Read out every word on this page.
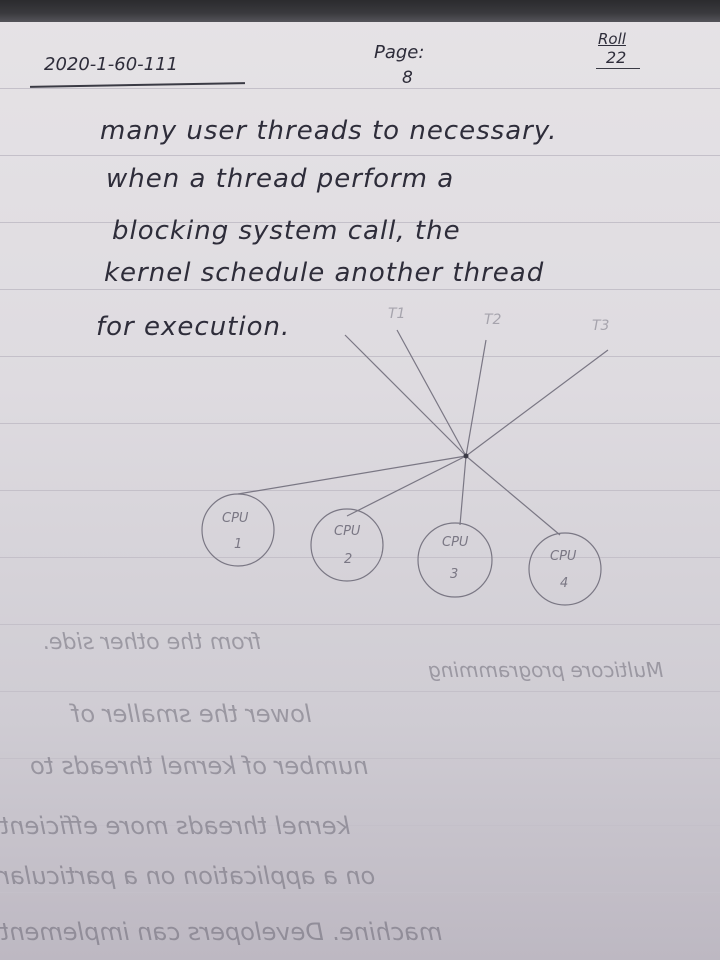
2020-1-60-111
Page:
8
Roll
22
many user threads to necessary.
when a thread perform a
blocking system call, the
kernel schedule another thread
for execution.
CPU
1
CPU
2
CPU
3
CPU
4
T1	T2	T3
from the other side.
Multicore programming
lower the smaller of
number of kernel threads to
kernel threads more efficient
on a application on a particular
machine. Developers can implement
